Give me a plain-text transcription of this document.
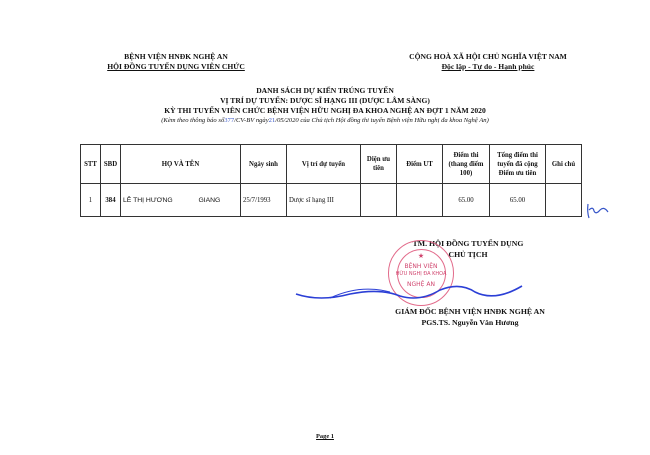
BỆNH VIỆN HNĐK NGHỆ AN
HỘI ĐỒNG TUYỂN DỤNG VIÊN CHỨC
CỘNG HOÀ XÃ HỘI CHỦ NGHĨA VIỆT NAM
Độc lập - Tự do - Hạnh phúc
DANH SÁCH DỰ KIẾN TRÚNG TUYỂN
VỊ TRÍ DỰ TUYỂN: DƯỢC SĨ HẠNG III (DƯỢC LÂM SÀNG)
KỲ THI TUYỂN VIÊN CHỨC BỆNH VIỆN HỮU NGHỊ ĐA KHOA NGHỆ AN ĐỢT 1 NĂM 2020
(Kèm theo thông báo số377/CV-BV ngày21/05/2020 của Chủ tịch Hội đồng thi tuyển Bệnh viện Hữu nghị đa khoa Nghệ An)
STT	SBD	HỌ VÀ TÊN	Ngày sinh	Vị trí dự tuyển	Diện ưu tiên	Điểm UT	Điểm thi (thang điểm 100)	Tổng điểm thi tuyển đã cộng Điểm ưu tiên	Ghi chú
1	384	LÊ THỊ HƯƠNG GIANG	25/7/1993	Dược sĩ hạng III			65.00	65.00	
TM. HỘI ĐỒNG TUYỂN DỤNG
CHỦ TỊCH
★
BỆNH VIỆN
HỮU NGHỊ ĐA KHOA
NGHỆ AN
GIÁM ĐỐC BỆNH VIỆN HNĐK NGHỆ AN
PGS.TS. Nguyễn Văn Hương
Page 1
